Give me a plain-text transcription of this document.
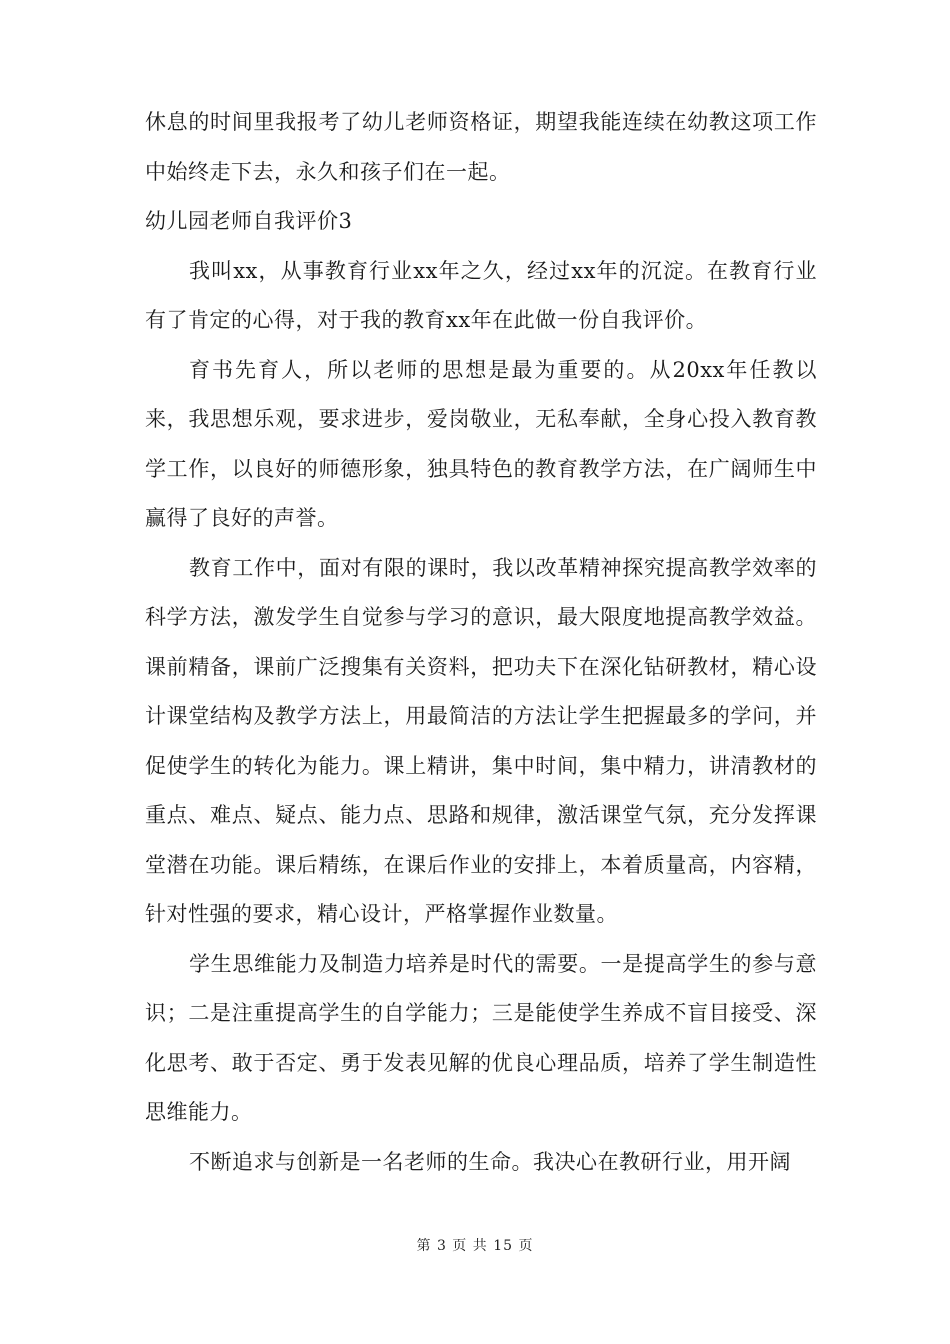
休息的时间里我报考了幼儿老师资格证，期望我能连续在幼教这项工作中始终走下去，永久和孩子们在一起。

幼儿园老师自我评价3

我叫xx，从事教育行业xx年之久，经过xx年的沉淀。在教育行业有了肯定的心得，对于我的教育xx年在此做一份自我评价。

育书先育人，所以老师的思想是最为重要的。从20xx年任教以来，我思想乐观，要求进步，爱岗敬业，无私奉献，全身心投入教育教学工作，以良好的师德形象，独具特色的教育教学方法，在广阔师生中赢得了良好的声誉。

教育工作中，面对有限的课时，我以改革精神探究提高教学效率的科学方法，激发学生自觉参与学习的意识，最大限度地提高教学效益。课前精备，课前广泛搜集有关资料，把功夫下在深化钻研教材，精心设计课堂结构及教学方法上，用最简洁的方法让学生把握最多的学问，并促使学生的转化为能力。课上精讲，集中时间，集中精力，讲清教材的重点、难点、疑点、能力点、思路和规律，激活课堂气氛，充分发挥课堂潜在功能。课后精练，在课后作业的安排上，本着质量高，内容精，针对性强的要求，精心设计，严格掌握作业数量。

学生思维能力及制造力培养是时代的需要。一是提高学生的参与意识；二是注重提高学生的自学能力；三是能使学生养成不盲目接受、深化思考、敢于否定、勇于发表见解的优良心理品质，培养了学生制造性思维能力。

不断追求与创新是一名老师的生命。我决心在教研行业，用开阔

第 3 页 共 15 页
